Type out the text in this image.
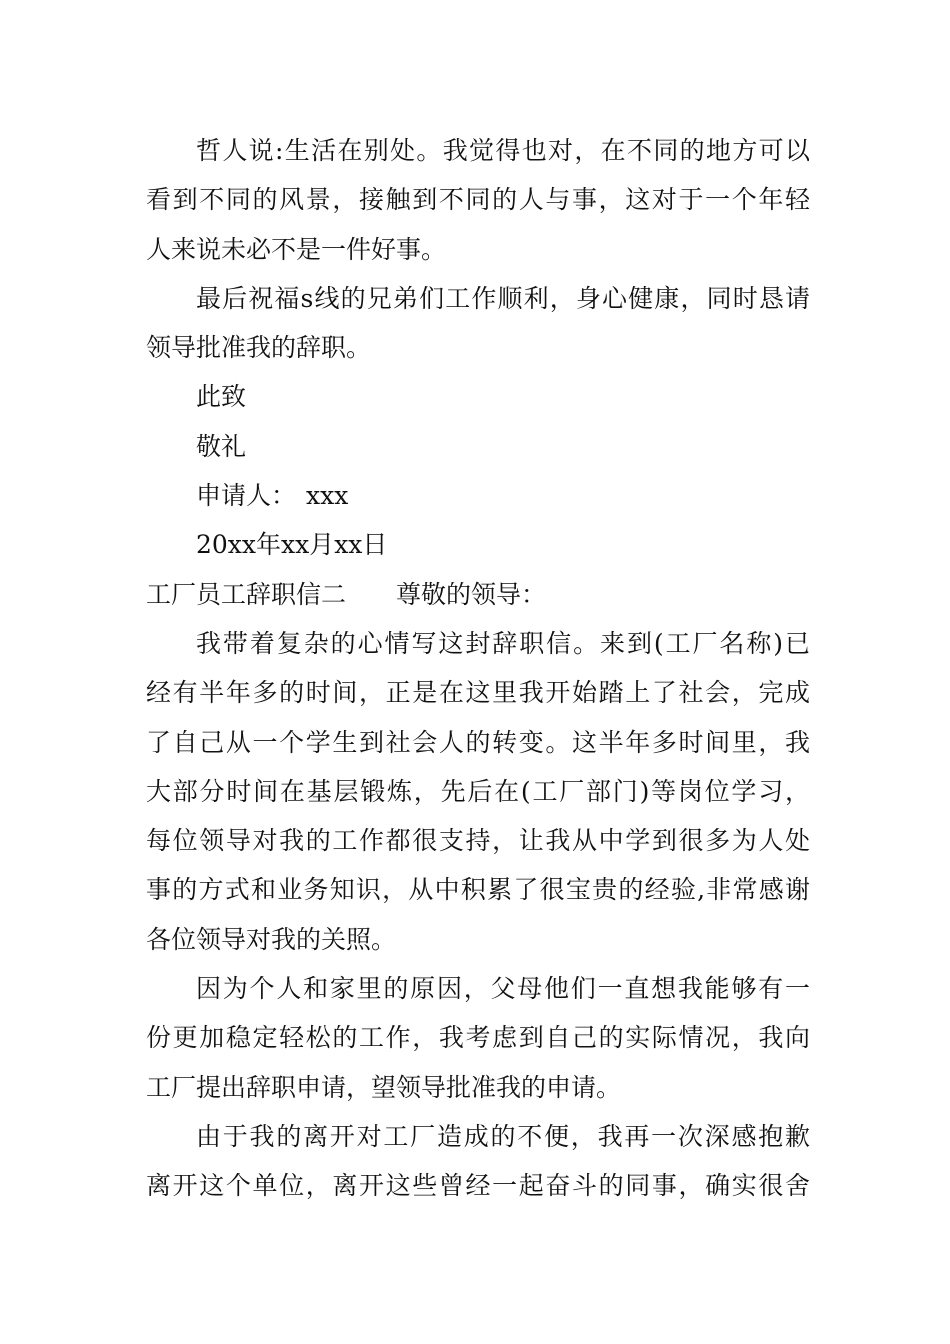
哲人说:生活在别处。我觉得也对，在不同的地方可以
看到不同的风景，接触到不同的人与事，这对于一个年轻
人来说未必不是一件好事。
最后祝福s线的兄弟们工作顺利，身心健康，同时恳请
领导批准我的辞职。
此致
敬礼
申请人： xxx
20xx年xx月xx日
工厂员工辞职信二 尊敬的领导：
我带着复杂的心情写这封辞职信。来到(工厂名称)已
经有半年多的时间，正是在这里我开始踏上了社会，完成
了自己从一个学生到社会人的转变。这半年多时间里，我
大部分时间在基层锻炼，先后在(工厂部门)等岗位学习，
每位领导对我的工作都很支持，让我从中学到很多为人处
事的方式和业务知识，从中积累了很宝贵的经验,非常感谢
各位领导对我的关照。
因为个人和家里的原因，父母他们一直想我能够有一
份更加稳定轻松的工作，我考虑到自己的实际情况，我向
工厂提出辞职申请，望领导批准我的申请。
由于我的离开对工厂造成的不便，我再一次深感抱歉
离开这个单位，离开这些曾经一起奋斗的同事，确实很舍
